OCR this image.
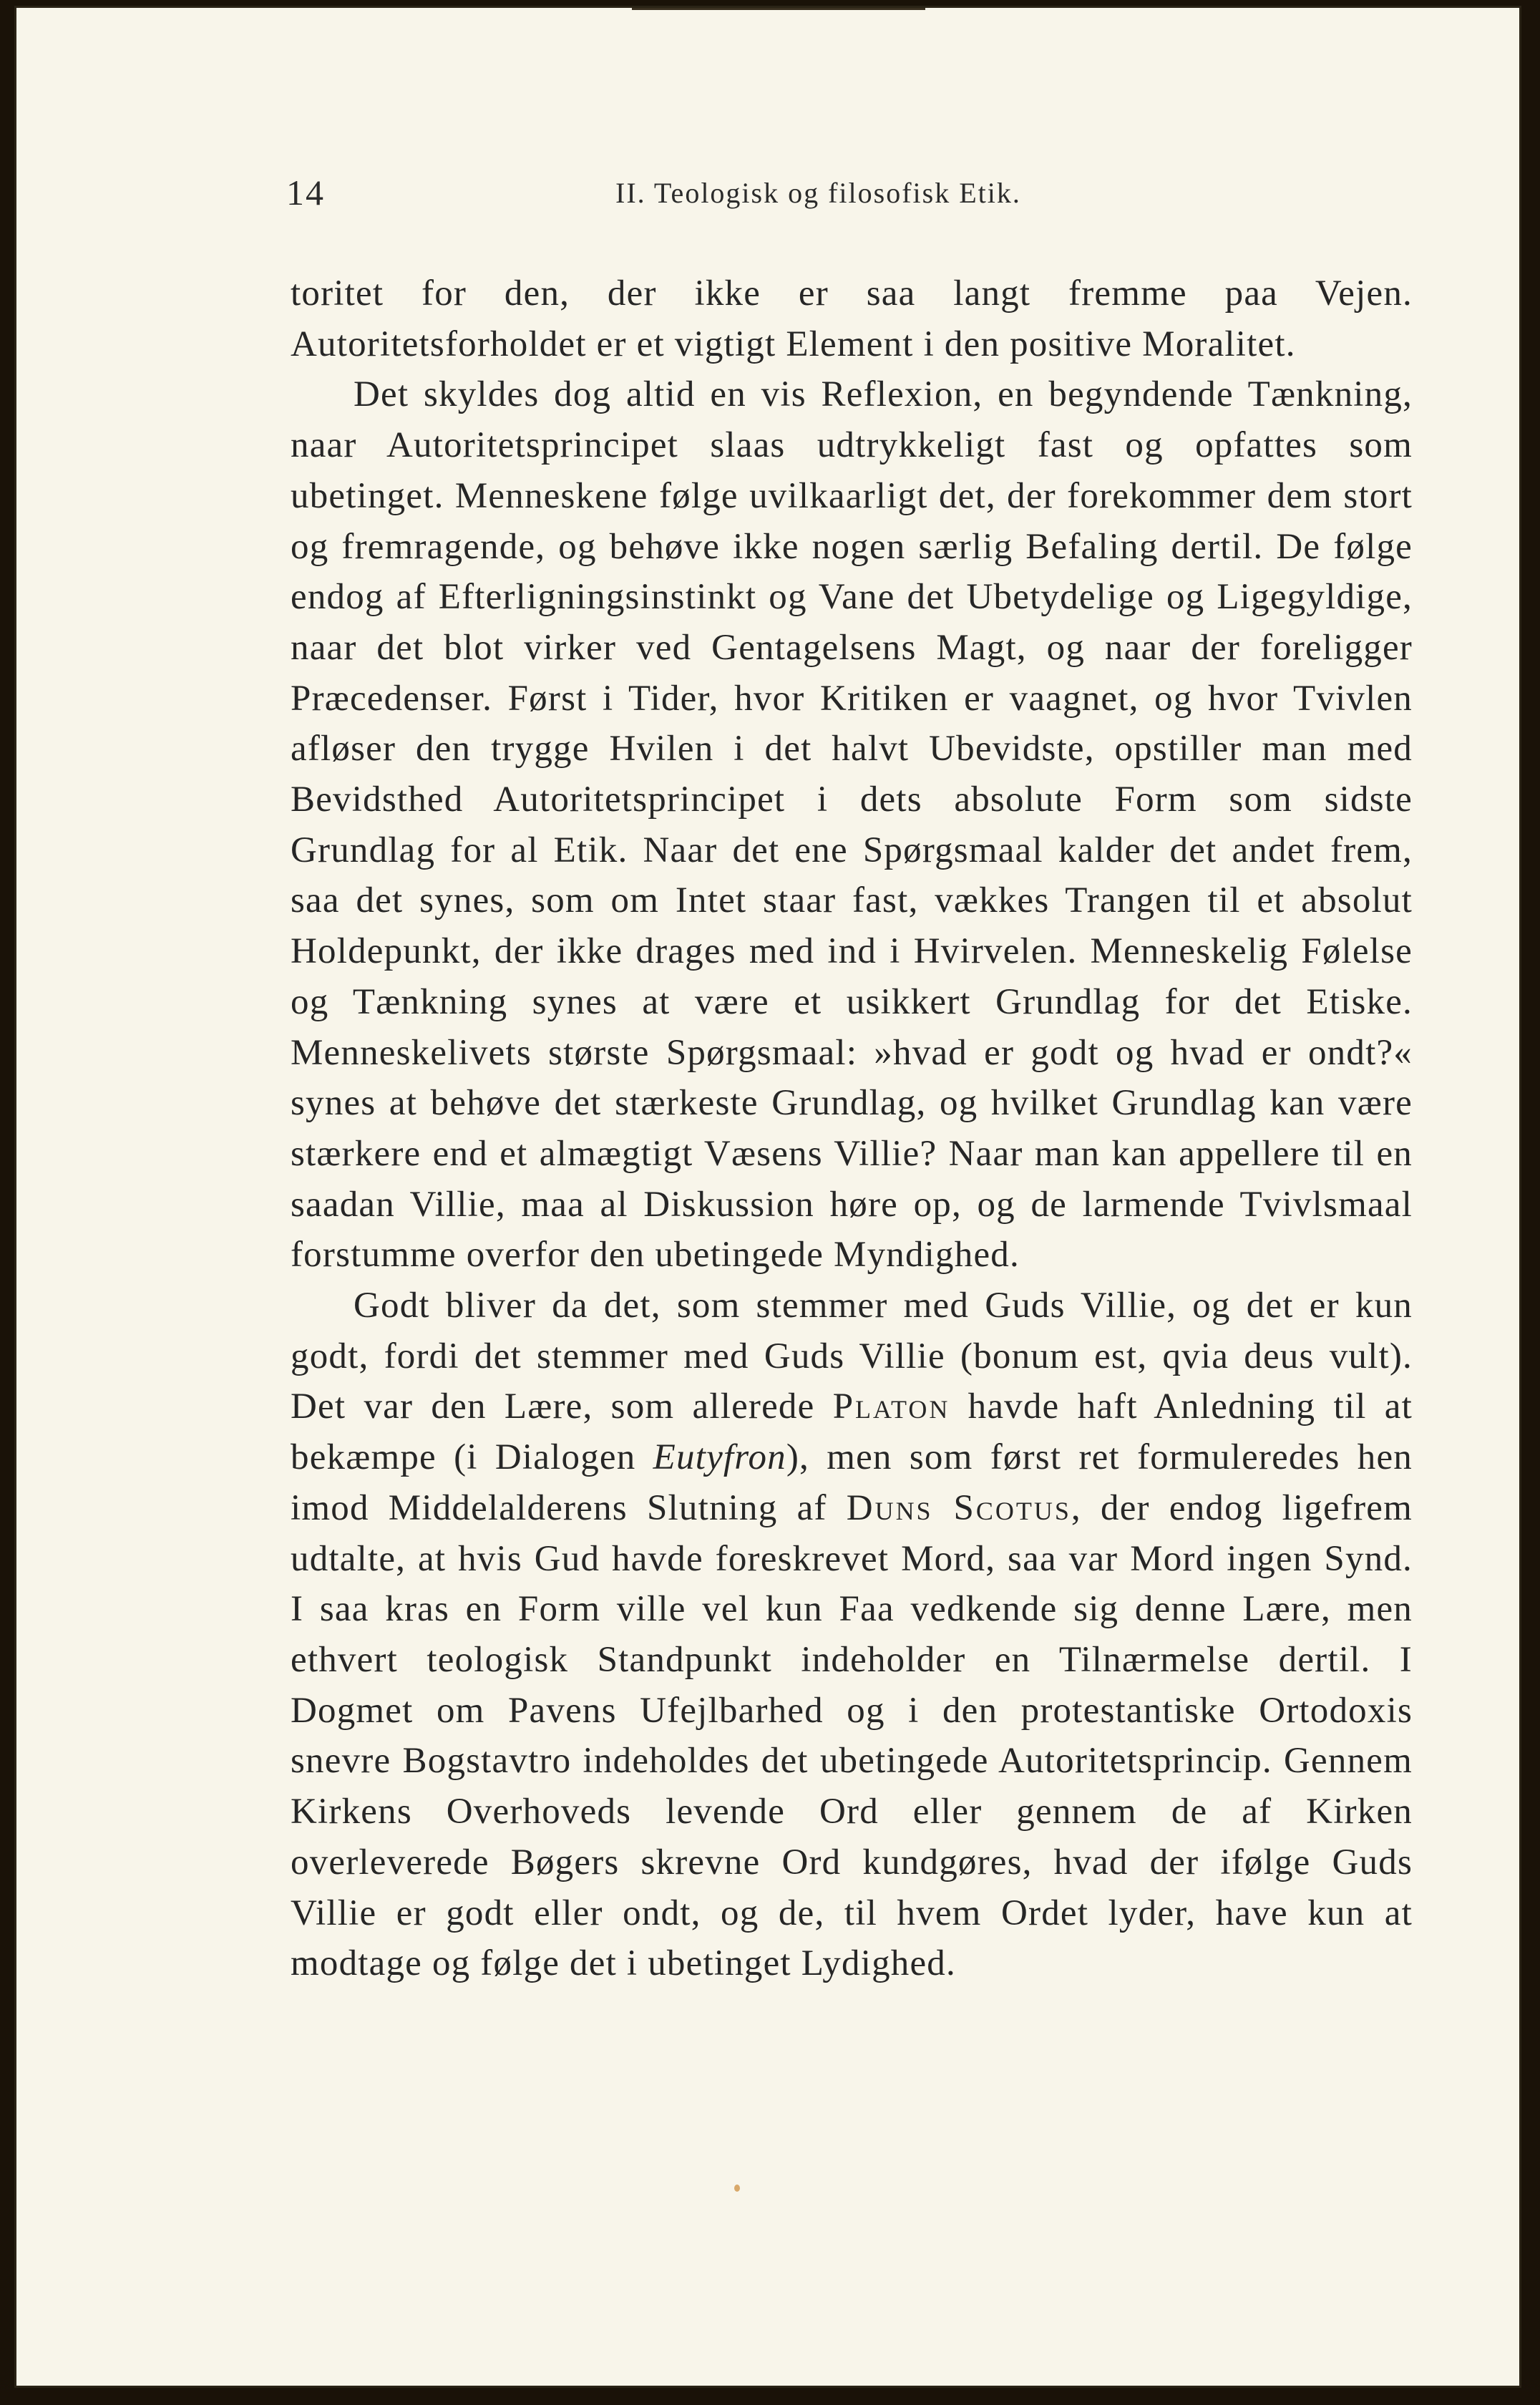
14	II. Teologisk og filosofisk Etik.

toritet for den, der ikke er saa langt fremme paa Vejen. Autoritetsforholdet er et vigtigt Element i den positive Moralitet.

Det skyldes dog altid en vis Reflexion, en begyndende Tænkning, naar Autoritetsprincipet slaas udtrykkeligt fast og opfattes som ubetinget. Menneskene følge uvilkaarligt det, der forekommer dem stort og fremragende, og behøve ikke nogen særlig Befaling dertil. De følge endog af Efterligningsinstinkt og Vane det Ubetydelige og Ligegyldige, naar det blot virker ved Gentagelsens Magt, og naar der foreligger Præcedenser. Først i Tider, hvor Kritiken er vaagnet, og hvor Tvivlen afløser den trygge Hvilen i det halvt Ubevidste, opstiller man med Bevidsthed Autoritetsprincipet i dets absolute Form som sidste Grundlag for al Etik. Naar det ene Spørgsmaal kalder det andet frem, saa det synes, som om Intet staar fast, vækkes Trangen til et absolut Holdepunkt, der ikke drages med ind i Hvirvelen. Menneskelig Følelse og Tænkning synes at være et usikkert Grundlag for det Etiske. Menneskelivets største Spørgsmaal: »hvad er godt og hvad er ondt?« synes at behøve det stærkeste Grundlag, og hvilket Grundlag kan være stærkere end et almægtigt Væsens Villie? Naar man kan appellere til en saadan Villie, maa al Diskussion høre op, og de larmende Tvivlsmaal forstumme overfor den ubetingede Myndighed.

Godt bliver da det, som stemmer med Guds Villie, og det er kun godt, fordi det stemmer med Guds Villie (bonum est, qvia deus vult). Det var den Lære, som allerede Platon havde haft Anledning til at bekæmpe (i Dialogen Eutyfron), men som først ret formuleredes hen imod Middelalderens Slutning af Duns Scotus, der endog ligefrem udtalte, at hvis Gud havde foreskrevet Mord, saa var Mord ingen Synd. I saa kras en Form ville vel kun Faa vedkende sig denne Lære, men ethvert teologisk Standpunkt indeholder en Tilnærmelse dertil. I Dogmet om Pavens Ufejlbarhed og i den protestantiske Ortodoxis snevre Bogstavtro indeholdes det ubetingede Autoritetsprincip. Gennem Kirkens Overhoveds levende Ord eller gennem de af Kirken overleverede Bøgers skrevne Ord kundgøres, hvad der ifølge Guds Villie er godt eller ondt, og de, til hvem Ordet lyder, have kun at modtage og følge det i ubetinget Lydighed.
